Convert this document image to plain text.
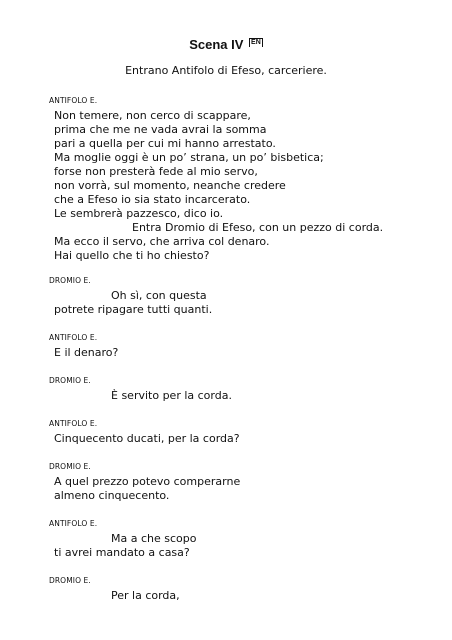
Scena IV EN
Entrano Antifolo di Efeso, carceriere.
ANTIFOLO E.
Non temere, non cerco di scappare,
prima che me ne vada avrai la somma
pari a quella per cui mi hanno arrestato.
Ma moglie oggi è un po’ strana, un po’ bisbetica;
forse non presterà fede al mio servo,
non vorrà, sul momento, neanche credere
che a Efeso io sia stato incarcerato.
Le sembrerà pazzesco, dico io.
Entra Dromio di Efeso, con un pezzo di corda.
Ma ecco il servo, che arriva col denaro.
Hai quello che ti ho chiesto?
DROMIO E.
Oh sì, con questa
potrete ripagare tutti quanti.
ANTIFOLO E.
E il denaro?
DROMIO E.
È servito per la corda.
ANTIFOLO E.
Cinquecento ducati, per la corda?
DROMIO E.
A quel prezzo potevo comperarne
almeno cinquecento.
ANTIFOLO E.
Ma a che scopo
ti avrei mandato a casa?
DROMIO E.
Per la corda,
